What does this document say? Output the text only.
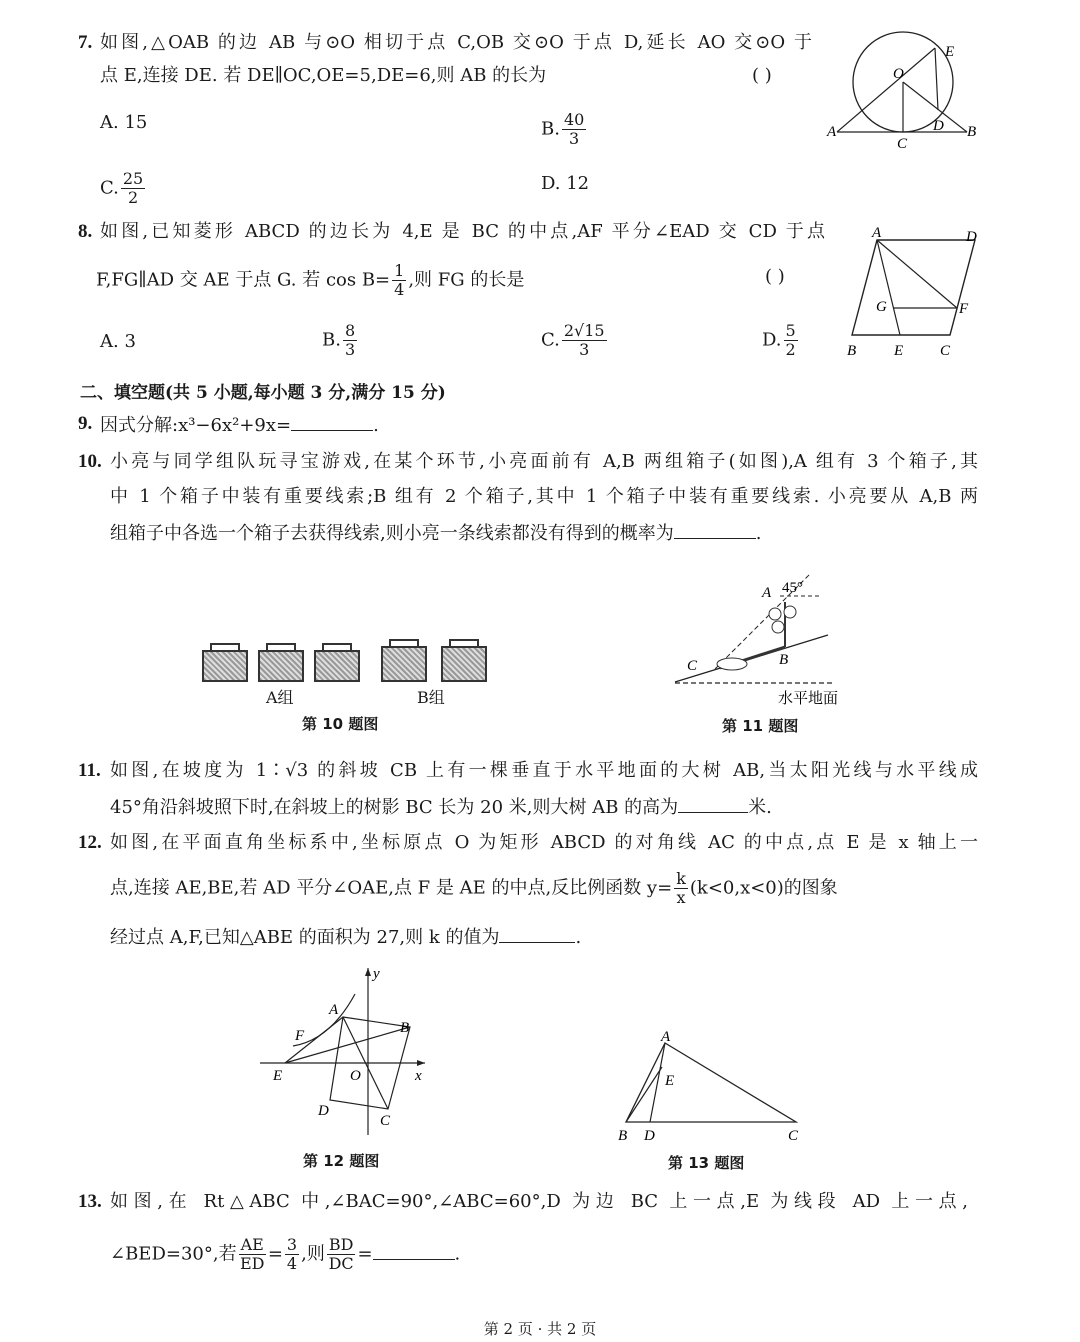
7. 如图,△OAB 的边 AB 与⊙O 相切于点 C,OB 交⊙O 于点 D,延长 AO 交⊙O 于
点 E,连接 DE. 若 DE∥OC,OE=5,DE=6,则 AB 的长为	( )
A. 15	B. $\frac{40}{3}$
C. $\frac{25}{2}$	D. 12
O
E
A	B
C
D
8. 如图,已知菱形 ABCD 的边长为 4,E 是 BC 的中点,AF 平分∠EAD 交 CD 于点
F,FG∥AD 交 AE 于点 G. 若 $\cos B= \frac{1}{4}$ ,则 FG 的长是	( )
A. 3	B. $\frac{8}{3}$	C. $\frac{2√15}{3}$	D. $\frac{5}{2}$
A	D
G	F
B	E C
二、填空题(共 5 小题,每小题 3 分,满分 15 分)
9. 因式分解:x³−6x²+9x=	.
10. 小亮与同学组队玩寻宝游戏,在某个环节,小亮面前有 A,B 两组箱子(如图),A 组有 3 个箱子,其
中 1 个箱子中装有重要线索;B 组有 2 个箱子,其中 1 个箱子中装有重要线索. 小亮要从 A,B 两
组箱子中各选一个箱子去获得线索,则小亮一条线索都没有得到的概率为	.
A组	B组
第 10 题图
A 45°
B
C
水平地面
第 11 题图
11. 如图,在坡度为 1∶√3 的斜坡 CB 上有一棵垂直于水平地面的大树 AB,当太阳光线与水平线成
45°角沿斜坡照下时,在斜坡上的树影 BC 长为 20 米,则大树 AB 的高为	米.
12. 如图,在平面直角坐标系中,坐标原点 O 为矩形 ABCD 的对角线 AC 的中点,点 E 是 x 轴上一
点,连接 AE,BE,若 AD 平分∠OAE,点 F 是 AE 的中点,反比例函数 $y= \frac{k}{x} (k<0,x<0)$的图象
经过点 A,F,已知△ABE 的面积为 27,则 k 的值为	.
y
x
A
B
F
E	O
D
C
第 12 题图
A
E
B D	C
第 13 题图
13. 如图,在 Rt△ABC 中,∠BAC=90°,∠ABC=60°,D 为边 BC 上一点,E 为线段 AD 上一点,
∠BED=30°,若 $\frac{AE}{ED} = \frac{3}{4}$ ,则 $\frac{BD}{DC}$ =	.
第 2 页 · 共 2 页
